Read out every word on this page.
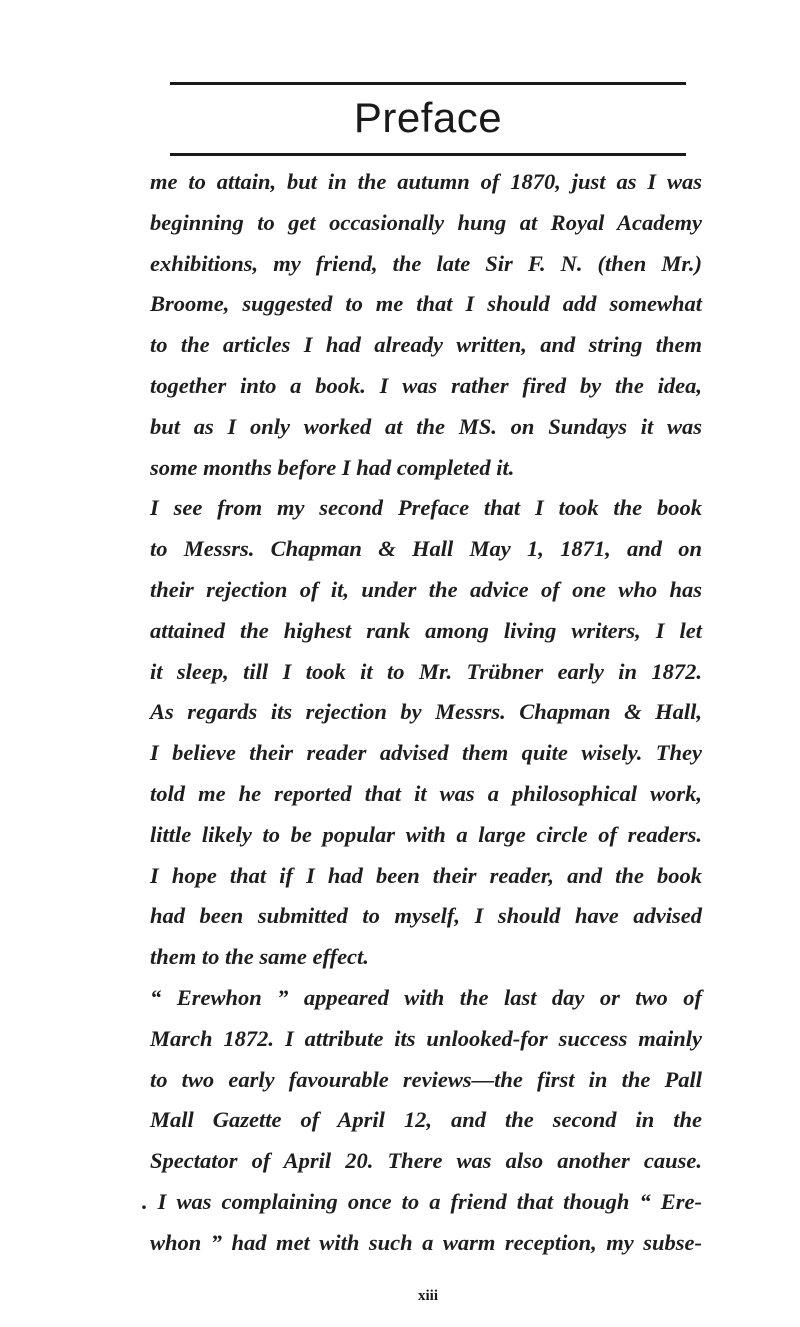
Preface
me to attain, but in the autumn of 1870, just as I was
beginning to get occasionally hung at Royal Academy
exhibitions, my friend, the late Sir F. N. (then Mr.)
Broome, suggested to me that I should add somewhat
to the articles I had already written, and string them
together into a book. I was rather fired by the idea,
but as I only worked at the MS. on Sundays it was
some months before I had completed it.
I see from my second Preface that I took the book
to Messrs. Chapman & Hall May 1, 1871, and on
their rejection of it, under the advice of one who has
attained the highest rank among living writers, I let
it sleep, till I took it to Mr. Trübner early in 1872.
As regards its rejection by Messrs. Chapman & Hall,
I believe their reader advised them quite wisely. They
told me he reported that it was a philosophical work,
little likely to be popular with a large circle of readers.
I hope that if I had been their reader, and the book
had been submitted to myself, I should have advised
them to the same effect.
“ Erewhon ” appeared with the last day or two of
March 1872. I attribute its unlooked-for success mainly
to two early favourable reviews—the first in the Pall
Mall Gazette of April 12, and the second in the
Spectator of April 20. There was also another cause.
. I was complaining once to a friend that though “ Ere-
whon ” had met with such a warm reception, my subse-
xiii
